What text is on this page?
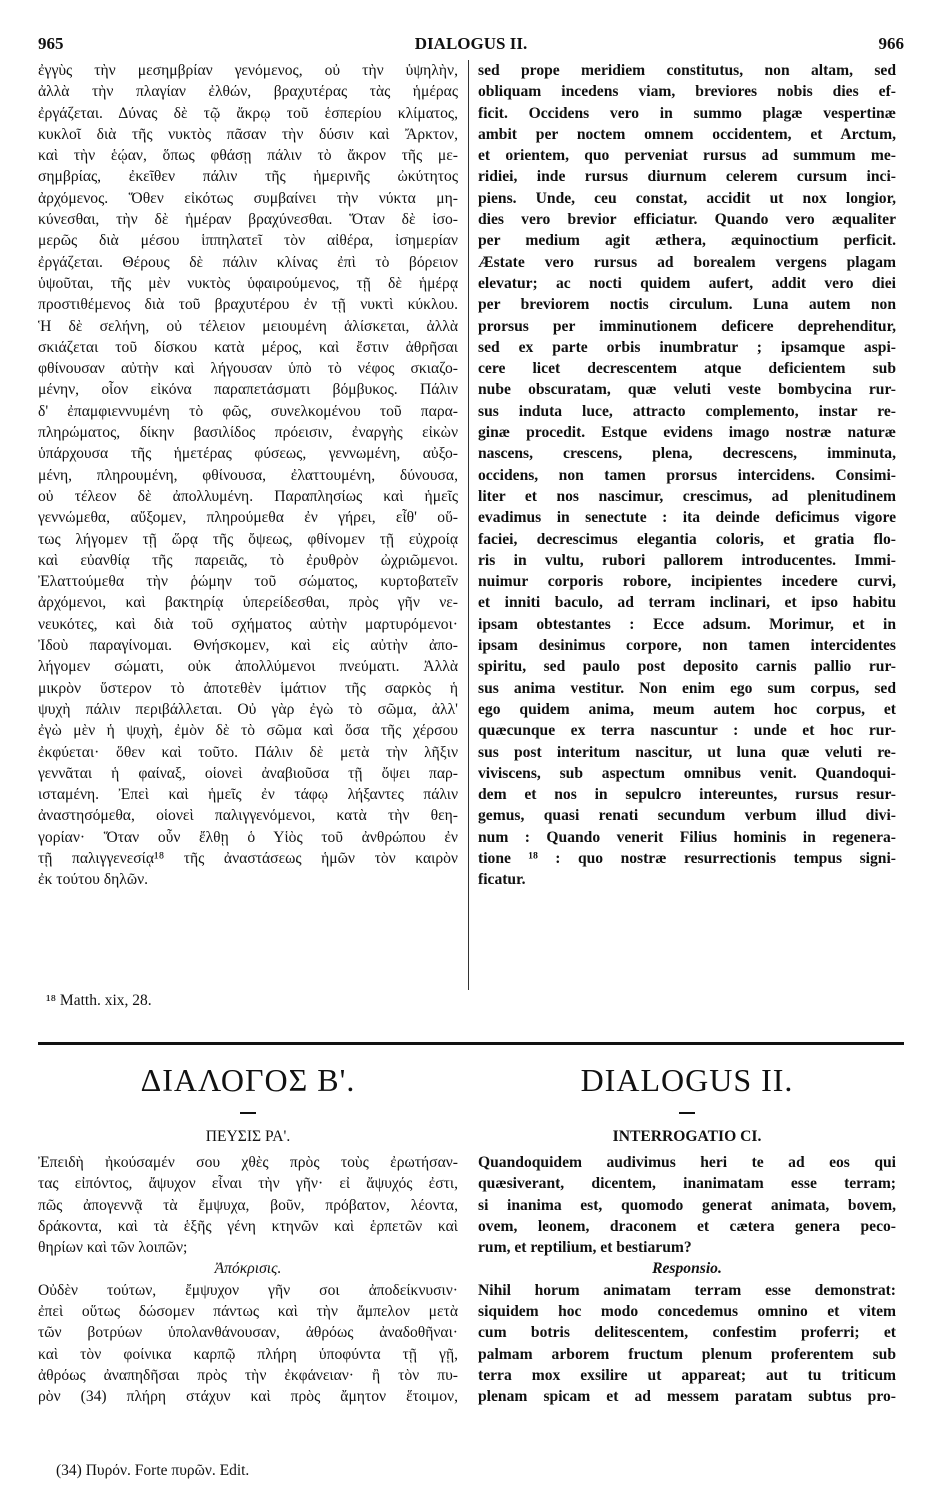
965	DIALOGUS II.	966
ἐγγὺς τὴν μεσημβρίαν γενόμενος, οὐ τὴν ὑψηλὴν,
ἀλλὰ τὴν πλαγίαν ἐλθών, βραχυτέρας τὰς ἡμέρας
ἐργάζεται. Δύνας δὲ τῷ ἄκρῳ τοῦ ἑσπερίου κλίματος,
κυκλοῖ διὰ τῆς νυκτὸς πᾶσαν τὴν δύσιν καὶ Ἄρκτον,
καὶ τὴν ἑῴαν, ὅπως φθάσῃ πάλιν τὸ ἄκρον τῆς με-
σημβρίας, ἐκεῖθεν πάλιν τῆς ἡμερινῆς ὠκύτητος
ἀρχόμενος. Ὅθεν εἰκότως συμβαίνει τὴν νύκτα μη-
κύνεσθαι, τὴν δὲ ἡμέραν βραχύνεσθαι. Ὅταν δὲ ἰσο-
μερῶς διὰ μέσου ἱππηλατεῖ τὸν αἰθέρα, ἰσημερίαν
ἐργάζεται. Θέρους δὲ πάλιν κλίνας ἐπὶ τὸ βόρειον
ὑψοῦται, τῆς μὲν νυκτὸς ὑφαιρούμενος, τῇ δὲ ἡμέρᾳ
προστιθέμενος διὰ τοῦ βραχυτέρου ἐν τῇ νυκτὶ κύκλου.
Ἡ δὲ σελήνη, οὐ τέλειον μειουμένη ἁλίσκεται, ἀλλὰ
σκιάζεται τοῦ δίσκου κατὰ μέρος, καὶ ἔστιν ἀθρῆσαι
φθίνουσαν αὐτὴν καὶ λήγουσαν ὑπὸ τὸ νέφος σκιαζο-
μένην, οἷον εἰκόνα παραπετάσματι βόμβυκος. Πάλιν
δ' ἐπαμφιεννυμένη τὸ φῶς, συνελκομένου τοῦ παρα-
πληρώματος, δίκην βασιλίδος πρόεισιν, ἐναργὴς εἰκὼν
ὑπάρχουσα τῆς ἡμετέρας φύσεως, γεννωμένη, αὐξο-
μένη, πληρουμένη, φθίνουσα, ἐλαττουμένη, δύνουσα,
οὐ τέλεον δὲ ἀπολλυμένη. Παραπλησίως καὶ ἡμεῖς
γεννώμεθα, αὔξομεν, πληρούμεθα ἐν γήρει, εἶθ' οὕ-
τως λήγομεν τῇ ὥρᾳ τῆς ὄψεως, φθίνομεν τῇ εὐχροίᾳ
καὶ εὐανθίᾳ τῆς παρειᾶς, τὸ ἐρυθρὸν ὠχριῶμενοι.
Ἐλαττούμεθα τὴν ῥώμην τοῦ σώματος, κυρτοβατεῖν
ἀρχόμενοι, καὶ βακτηρίᾳ ὑπερείδεσθαι, πρὸς γῆν νε-
νευκότες, καὶ διὰ τοῦ σχήματος αὐτὴν μαρτυρόμενοι·
Ἰδοὺ παραγίνομαι. Θνήσκομεν, καὶ εἰς αὐτὴν ἀπο-
λήγομεν σώματι, οὐκ ἀπολλύμενοι πνεύματι. Ἀλλὰ
μικρὸν ὕστερον τὸ ἀποτεθὲν ἱμάτιον τῆς σαρκὸς ἡ
ψυχὴ πάλιν περιβάλλεται. Οὐ γὰρ ἐγὼ τὸ σῶμα, ἀλλ'
ἐγὼ μὲν ἡ ψυχὴ, ἐμὸν δὲ τὸ σῶμα καὶ ὅσα τῆς χέρσου
ἐκφύεται· ὅθεν καὶ τοῦτο. Πάλιν δὲ μετὰ τὴν λῆξιν
γεννᾶται ἡ φαίναξ, οἱονεὶ ἀναβιοῦσα τῇ ὄψει παρ-
ισταμένη. Ἐπεὶ καὶ ἡμεῖς ἐν τάφῳ λήξαντες πάλιν
ἀναστησόμεθα, οἱονεὶ παλιγγενόμενοι, κατὰ τὴν θεη-
γορίαν· Ὅταν οὖν ἔλθῃ ὁ Υἱὸς τοῦ ἀνθρώπου ἐν
τῇ παλιγγενεσίᾳ¹⁸ τῆς ἀναστάσεως ἡμῶν τὸν καιρὸν
ἐκ τούτου δηλῶν.
sed prope meridiem constitutus, non altam, sed
obliquam incedens viam, breviores nobis dies ef-
ficit. Occidens vero in summo plagæ vespertinæ
ambit per noctem omnem occidentem, et Arctum,
et orientem, quo perveniat rursus ad summum me-
ridiei, inde rursus diurnum celerem cursum inci-
piens. Unde, ceu constat, accidit ut nox longior,
dies vero brevior efficiatur. Quando vero æqualiter
per medium agit æthera, æquinoctium perficit.
Æstate vero rursus ad borealem vergens plagam
elevatur; ac nocti quidem aufert, addit vero diei
per breviorem noctis circulum. Luna autem non
prorsus per imminutionem deficere deprehenditur,
sed ex parte orbis inumbratur ; ipsamque aspi-
cere licet decrescentem atque deficientem sub
nube obscuratam, quæ veluti veste bombycina rur-
sus induta luce, attracto complemento, instar re-
ginæ procedit. Estque evidens imago nostræ naturæ
nascens, crescens, plena, decrescens, imminuta,
occidens, non tamen prorsus intercidens. Consimi-
liter et nos nascimur, crescimus, ad plenitudinem
evadimus in senectute : ita deinde deficimus vigore
faciei, decrescimus elegantia coloris, et gratia flo-
ris in vultu, rubori pallorem introducentes. Immi-
nuimur corporis robore, incipientes incedere curvi,
et inniti baculo, ad terram inclinari, et ipso habitu
ipsam obtestantes : Ecce adsum. Morimur, et in
ipsam desinimus corpore, non tamen intercidentes
spiritu, sed paulo post deposito carnis pallio rur-
sus anima vestitur. Non enim ego sum corpus, sed
ego quidem anima, meum autem hoc corpus, et
quæcunque ex terra nascuntur : unde et hoc rur-
sus post interitum nascitur, ut luna quæ veluti re-
viviscens, sub aspectum omnibus venit. Quandoqui-
dem et nos in sepulcro intereuntes, rursus resur-
gemus, quasi renati secundum verbum illud divi-
num : Quando venerit Filius hominis in regenera-
tione ¹⁸ : quo nostræ resurrectionis tempus signi-
ficatur.
¹⁸ Matth. xix, 28.
ΔΙΑΛΟΓΟΣ Β'.	DIALOGUS II.
ΠΕΥΣΙΣ ΡΑ'.	INTERROGATIO CI.
Ἐπειδὴ ἠκούσαμέν σου χθὲς πρὸς τοὺς ἐρωτήσαν-
τας εἰπόντος, ἄψυχον εἶναι τὴν γῆν· εἰ ἄψυχός ἐστι,
πῶς ἀπογεννᾷ τὰ ἔμψυχα, βοῦν, πρόβατον, λέοντα,
δράκοντα, καὶ τὰ ἑξῆς γένη κτηνῶν καὶ ἑρπετῶν καὶ
θηρίων καὶ τῶν λοιπῶν;
Ἀπόκρισις.
Οὐδὲν τούτων, ἔμψυχον γῆν σοι ἀποδείκνυσιν·
ἐπεὶ οὕτως δώσομεν πάντως καὶ τὴν ἄμπελον μετὰ
τῶν βοτρύων ὑπολανθάνουσαν, ἀθρόως ἀναδοθῆναι·
καὶ τὸν φοίνικα καρπῷ πλήρη ὑποφύντα τῇ γῇ,
ἀθρόως ἀναπηδῆσαι πρὸς τὴν ἐκφάνειαν· ἢ τὸν πυ-
ρὸν (34) πλήρη στάχυν καὶ πρὸς ἄμητον ἕτοιμον,
Quandoquidem audivimus heri te ad eos qui
quæsiverant, dicentem, inanimatam esse terram;
si inanima est, quomodo generat animata, bovem,
ovem, leonem, draconem et cætera genera peco-
rum, et reptilium, et bestiarum?
Responsio.
Nihil horum animatam terram esse demonstrat:
siquidem hoc modo concedemus omnino et vitem
cum botris delitescentem, confestim proferri; et
palmam arborem fructum plenum proferentem sub
terra mox exsilire ut appareat; aut tu triticum
plenam spicam et ad messem paratam subtus pro-
(34) Πυρόν. Forte πυρῶν. Edit.
